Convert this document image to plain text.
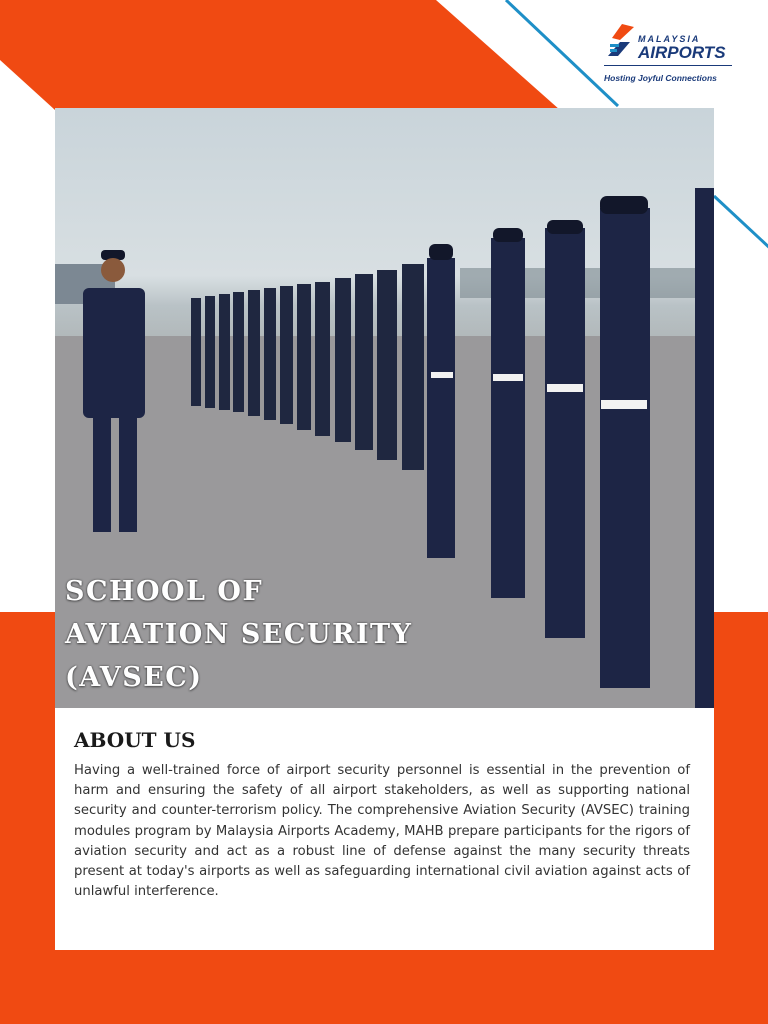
MALAYSIA
AIRPORTS
Hosting Joyful Connections
SCHOOL OF
AVIATION SECURITY
(AVSEC)
ABOUT US

Having a well-trained force of airport security personnel is essential in the prevention of harm and ensuring the safety of all airport stakeholders, as well as supporting national security and counter-terrorism policy. The comprehensive Aviation Security (AVSEC) training modules program by Malaysia Airports Academy, MAHB prepare participants for the rigors of aviation security and act as a robust line of defense against the many security threats present at today's airports as well as safeguarding international civil aviation against acts of unlawful interference.
